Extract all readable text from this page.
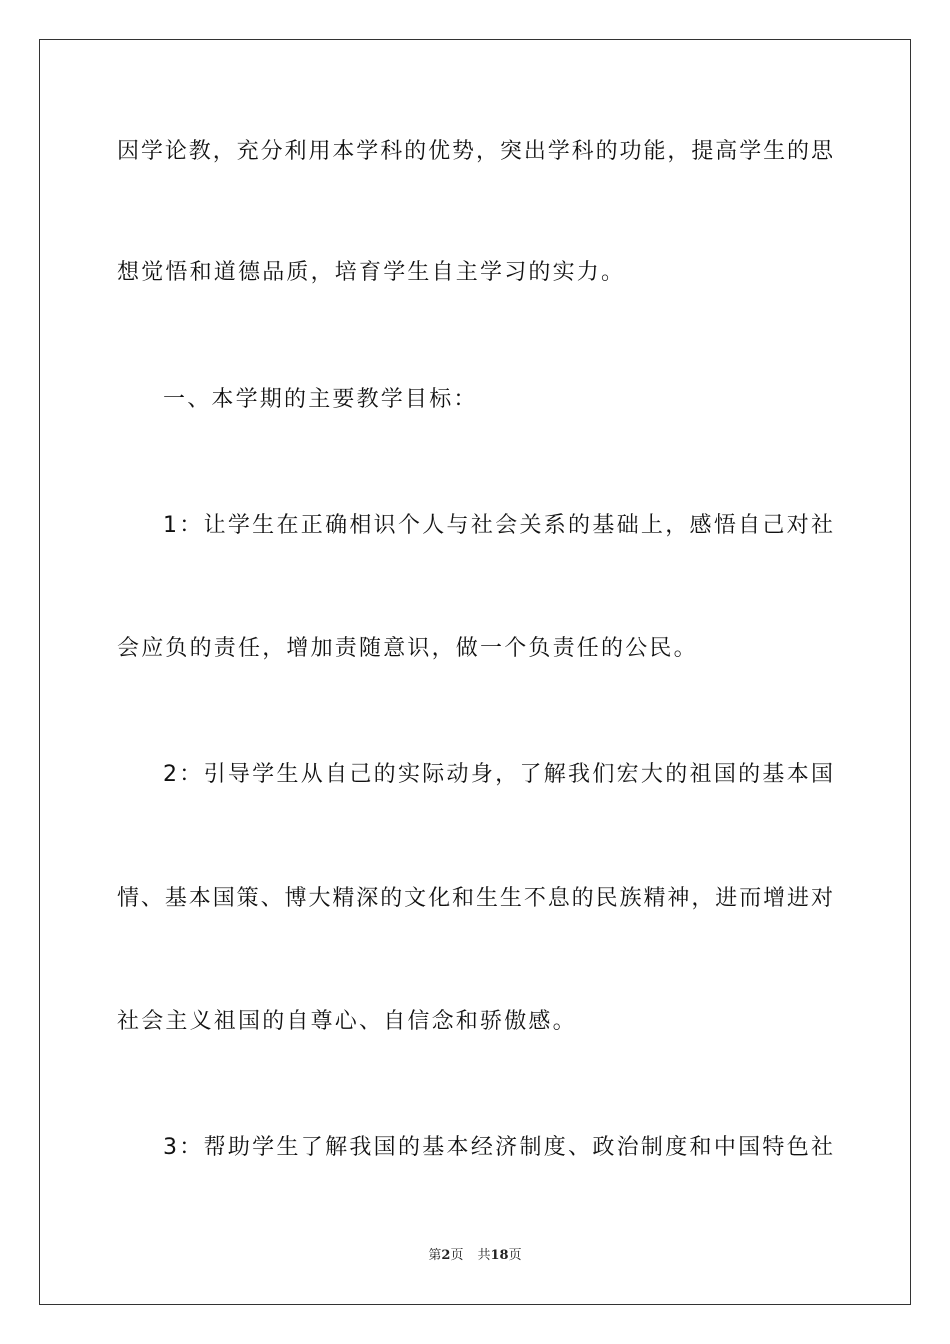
因学论教，充分利用本学科的优势，突出学科的功能，提高学生的思
想觉悟和道德品质，培育学生自主学习的实力。
一、本学期的主要教学目标：
1：让学生在正确相识个人与社会关系的基础上，感悟自己对社
会应负的责任，增加责随意识，做一个负责任的公民。
2：引导学生从自己的实际动身，了解我们宏大的祖国的基本国
情、基本国策、博大精深的文化和生生不息的民族精神，进而增进对
社会主义祖国的自尊心、自信念和骄傲感。
3：帮助学生了解我国的基本经济制度、政治制度和中国特色社
第2页 共18页
